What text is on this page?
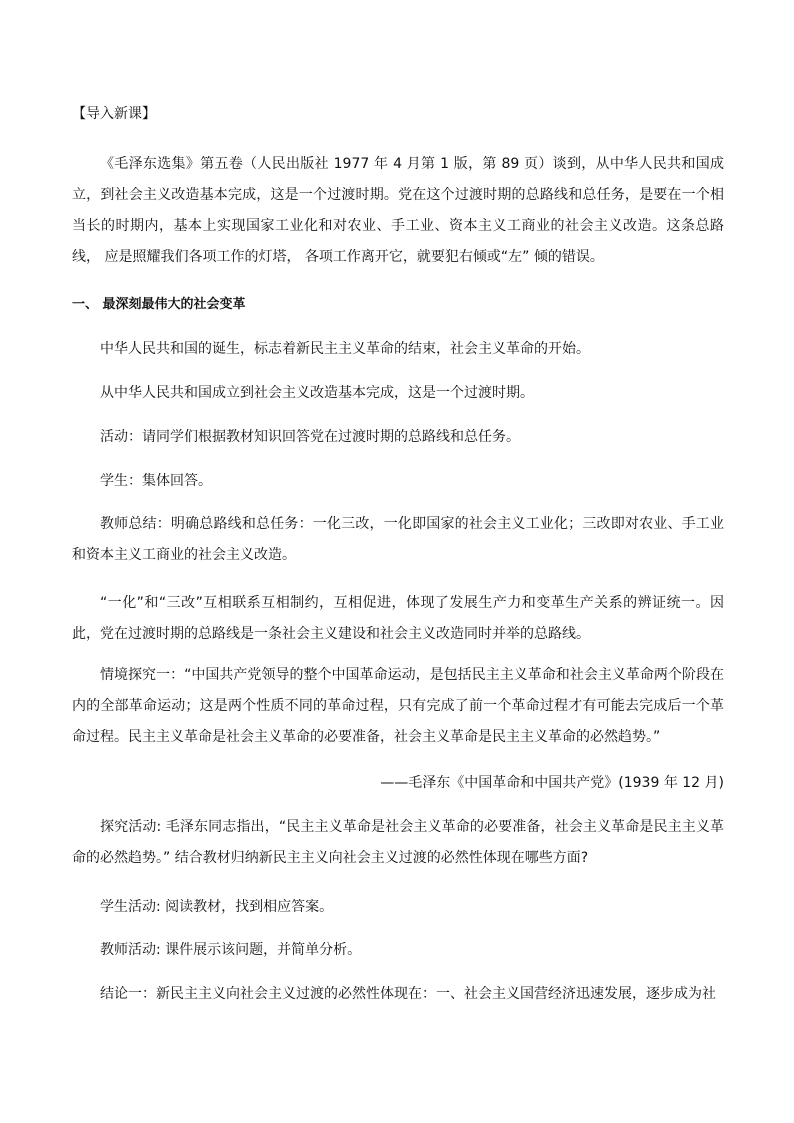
【导入新课】

《毛泽东选集》第五卷（人民出版社 1977 年 4 月第 1 版，第 89 页）谈到，从中华人民共和国成立，到社会主义改造基本完成，这是一个过渡时期。党在这个过渡时期的总路线和总任务，是要在一个相当长的时期内，基本上实现国家工业化和对农业、手工业、资本主义工商业的社会主义改造。这条总路线， 应是照耀我们各项工作的灯塔， 各项工作离开它，就要犯右倾或“左” 倾的错误。

一、 最深刻最伟大的社会变革
中华人民共和国的诞生，标志着新民主主义革命的结束，社会主义革命的开始。
从中华人民共和国成立到社会主义改造基本完成，这是一个过渡时期。
活动：请同学们根据教材知识回答党在过渡时期的总路线和总任务。
学生：集体回答。

教师总结：明确总路线和总任务：一化三改，一化即国家的社会主义工业化；三改即对农业、手工业和资本主义工商业的社会主义改造。

“一化”和“三改”互相联系互相制约，互相促进，体现了发展生产力和变革生产关系的辨证统一。因此，党在过渡时期的总路线是一条社会主义建设和社会主义改造同时并举的总路线。

情境探究一：“中国共产党领导的整个中国革命运动，是包括民主主义革命和社会主义革命两个阶段在内的全部革命运动；这是两个性质不同的革命过程，只有完成了前一个革命过程才有可能去完成后一个革命过程。民主主义革命是社会主义革命的必要准备，社会主义革命是民主主义革命的必然趋势。”

——毛泽东《中国革命和中国共产党》(1939 年 12 月)

探究活动: 毛泽东同志指出，“民主主义革命是社会主义革命的必要准备，社会主义革命是民主主义革命的必然趋势。” 结合教材归纳新民主主义向社会主义过渡的必然性体现在哪些方面?

学生活动: 阅读教材，找到相应答案。
教师活动: 课件展示该问题，并简单分析。
结论一：新民主主义向社会主义过渡的必然性体现在：一、社会主义国营经济迅速发展，逐步成为社
